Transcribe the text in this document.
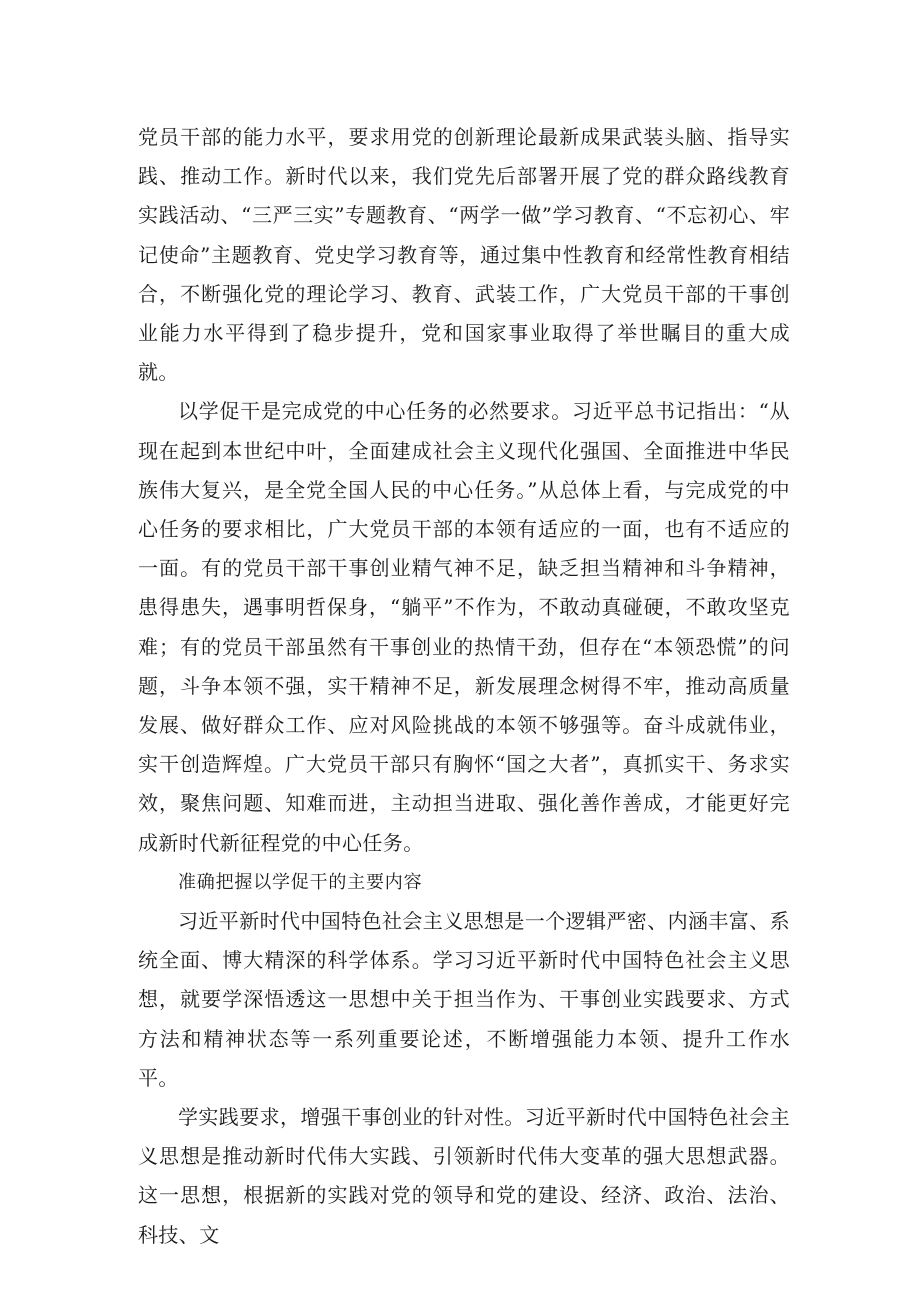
党员干部的能力水平，要求用党的创新理论最新成果武装头脑、指导实践、推动工作。新时代以来，我们党先后部署开展了党的群众路线教育实践活动、“三严三实”专题教育、“两学一做”学习教育、“不忘初心、牢记使命”主题教育、党史学习教育等，通过集中性教育和经常性教育相结合，不断强化党的理论学习、教育、武装工作，广大党员干部的干事创业能力水平得到了稳步提升，党和国家事业取得了举世瞩目的重大成就。

以学促干是完成党的中心任务的必然要求。习近平总书记指出：“从现在起到本世纪中叶，全面建成社会主义现代化强国、全面推进中华民族伟大复兴，是全党全国人民的中心任务。”从总体上看，与完成党的中心任务的要求相比，广大党员干部的本领有适应的一面，也有不适应的一面。有的党员干部干事创业精气神不足，缺乏担当精神和斗争精神，患得患失，遇事明哲保身，“躺平”不作为，不敢动真碰硬，不敢攻坚克难；有的党员干部虽然有干事创业的热情干劲，但存在“本领恐慌”的问题，斗争本领不强，实干精神不足，新发展理念树得不牢，推动高质量发展、做好群众工作、应对风险挑战的本领不够强等。奋斗成就伟业，实干创造辉煌。广大党员干部只有胸怀“国之大者”，真抓实干、务求实效，聚焦问题、知难而进，主动担当进取、强化善作善成，才能更好完成新时代新征程党的中心任务。

准确把握以学促干的主要内容

习近平新时代中国特色社会主义思想是一个逻辑严密、内涵丰富、系统全面、博大精深的科学体系。学习习近平新时代中国特色社会主义思想，就要学深悟透这一思想中关于担当作为、干事创业实践要求、方式方法和精神状态等一系列重要论述，不断增强能力本领、提升工作水平。

学实践要求，增强干事创业的针对性。习近平新时代中国特色社会主义思想是推动新时代伟大实践、引领新时代伟大变革的强大思想武器。这一思想，根据新的实践对党的领导和党的建设、经济、政治、法治、科技、文
